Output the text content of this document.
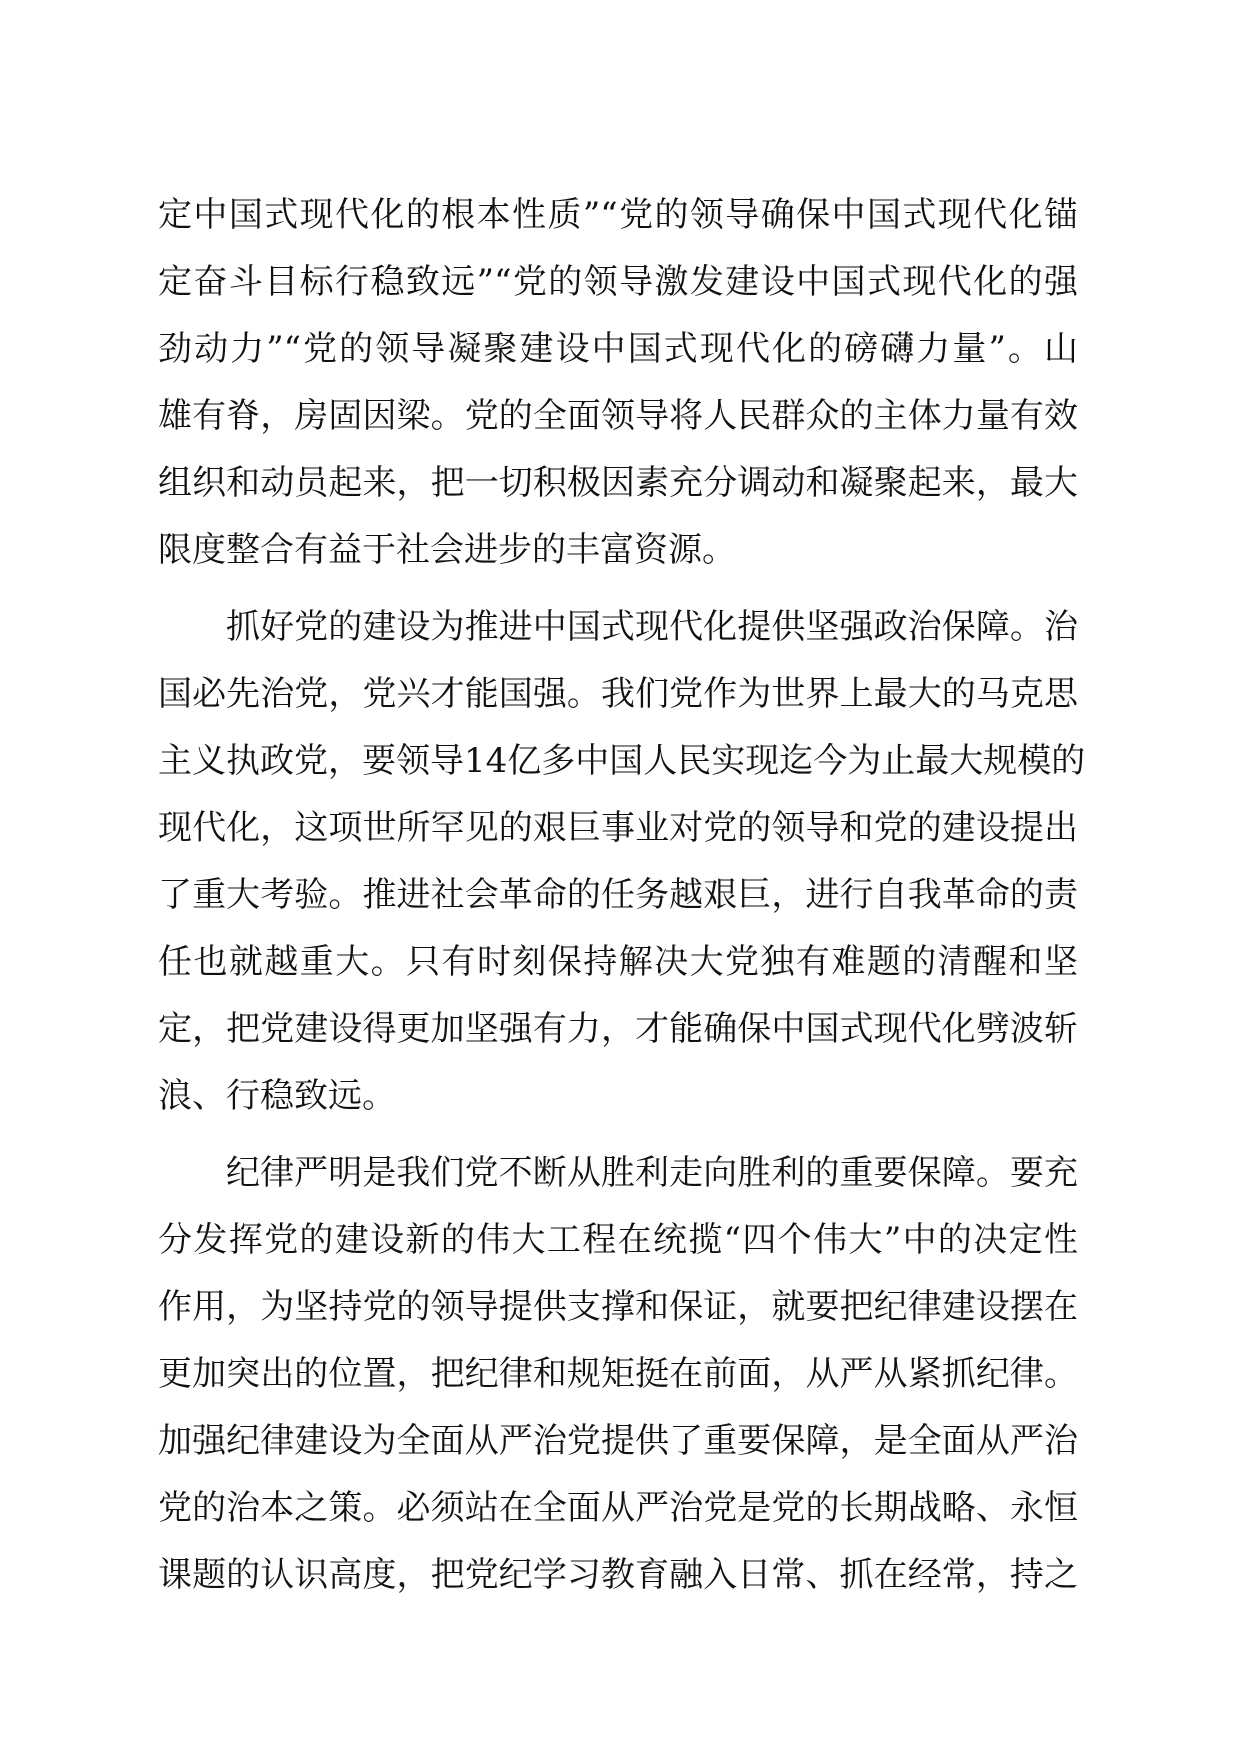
定中国式现代化的根本性质”“党的领导确保中国式现代化锚
定奋斗目标行稳致远”“党的领导激发建设中国式现代化的强
劲动力”“党的领导凝聚建设中国式现代化的磅礴力量”。山
雄有脊，房固因梁。党的全面领导将人民群众的主体力量有效
组织和动员起来，把一切积极因素充分调动和凝聚起来，最大
限度整合有益于社会进步的丰富资源。
抓好党的建设为推进中国式现代化提供坚强政治保障。治
国必先治党，党兴才能国强。我们党作为世界上最大的马克思
主义执政党，要领导14亿多中国人民实现迄今为止最大规模的
现代化，这项世所罕见的艰巨事业对党的领导和党的建设提出
了重大考验。推进社会革命的任务越艰巨，进行自我革命的责
任也就越重大。只有时刻保持解决大党独有难题的清醒和坚
定，把党建设得更加坚强有力，才能确保中国式现代化劈波斩
浪、行稳致远。
纪律严明是我们党不断从胜利走向胜利的重要保障。要充
分发挥党的建设新的伟大工程在统揽“四个伟大”中的决定性
作用，为坚持党的领导提供支撑和保证，就要把纪律建设摆在
更加突出的位置，把纪律和规矩挺在前面，从严从紧抓纪律。
加强纪律建设为全面从严治党提供了重要保障，是全面从严治
党的治本之策。必须站在全面从严治党是党的长期战略、永恒
课题的认识高度，把党纪学习教育融入日常、抓在经常，持之
